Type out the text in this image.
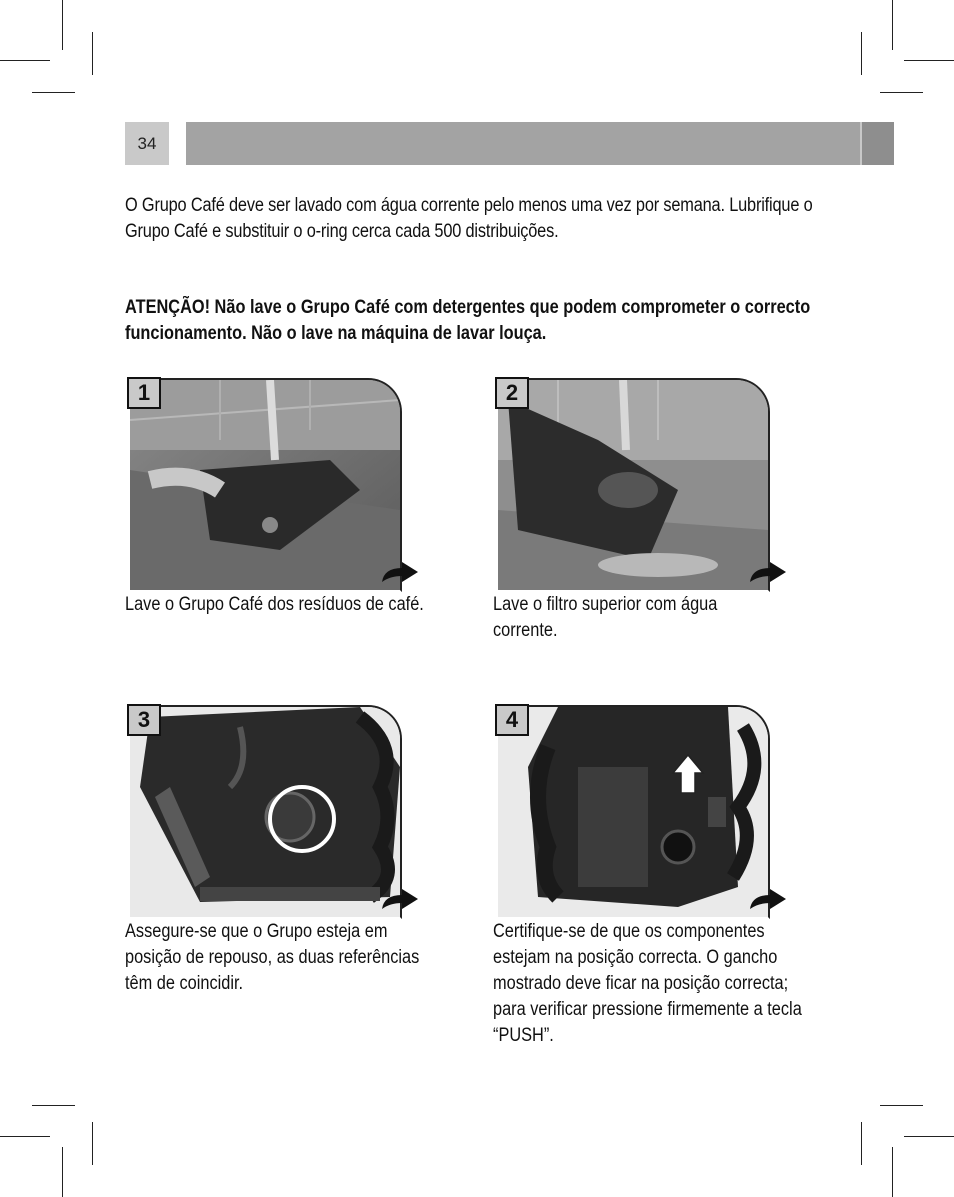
34
O Grupo Café deve ser lavado com água corrente pelo menos uma vez por semana. Lubrifique o Grupo Café e substituir o o-ring cerca cada 500 distribuições.
ATENÇÃO! Não lave o Grupo Café com detergentes que podem comprometer o correcto funcionamento. Não o lave na máquina de lavar louça.
1
Lave o Grupo Café dos resíduos de café.
2
Lave o filtro superior com água corrente.
3
Assegure-se que o Grupo esteja em posição de repouso, as duas referências têm de coincidir.
4
Certifique-se de que os componentes estejam na posição correcta. O gancho mostrado deve ficar na posição correcta; para verificar pressione firmemente a tecla “PUSH”.
